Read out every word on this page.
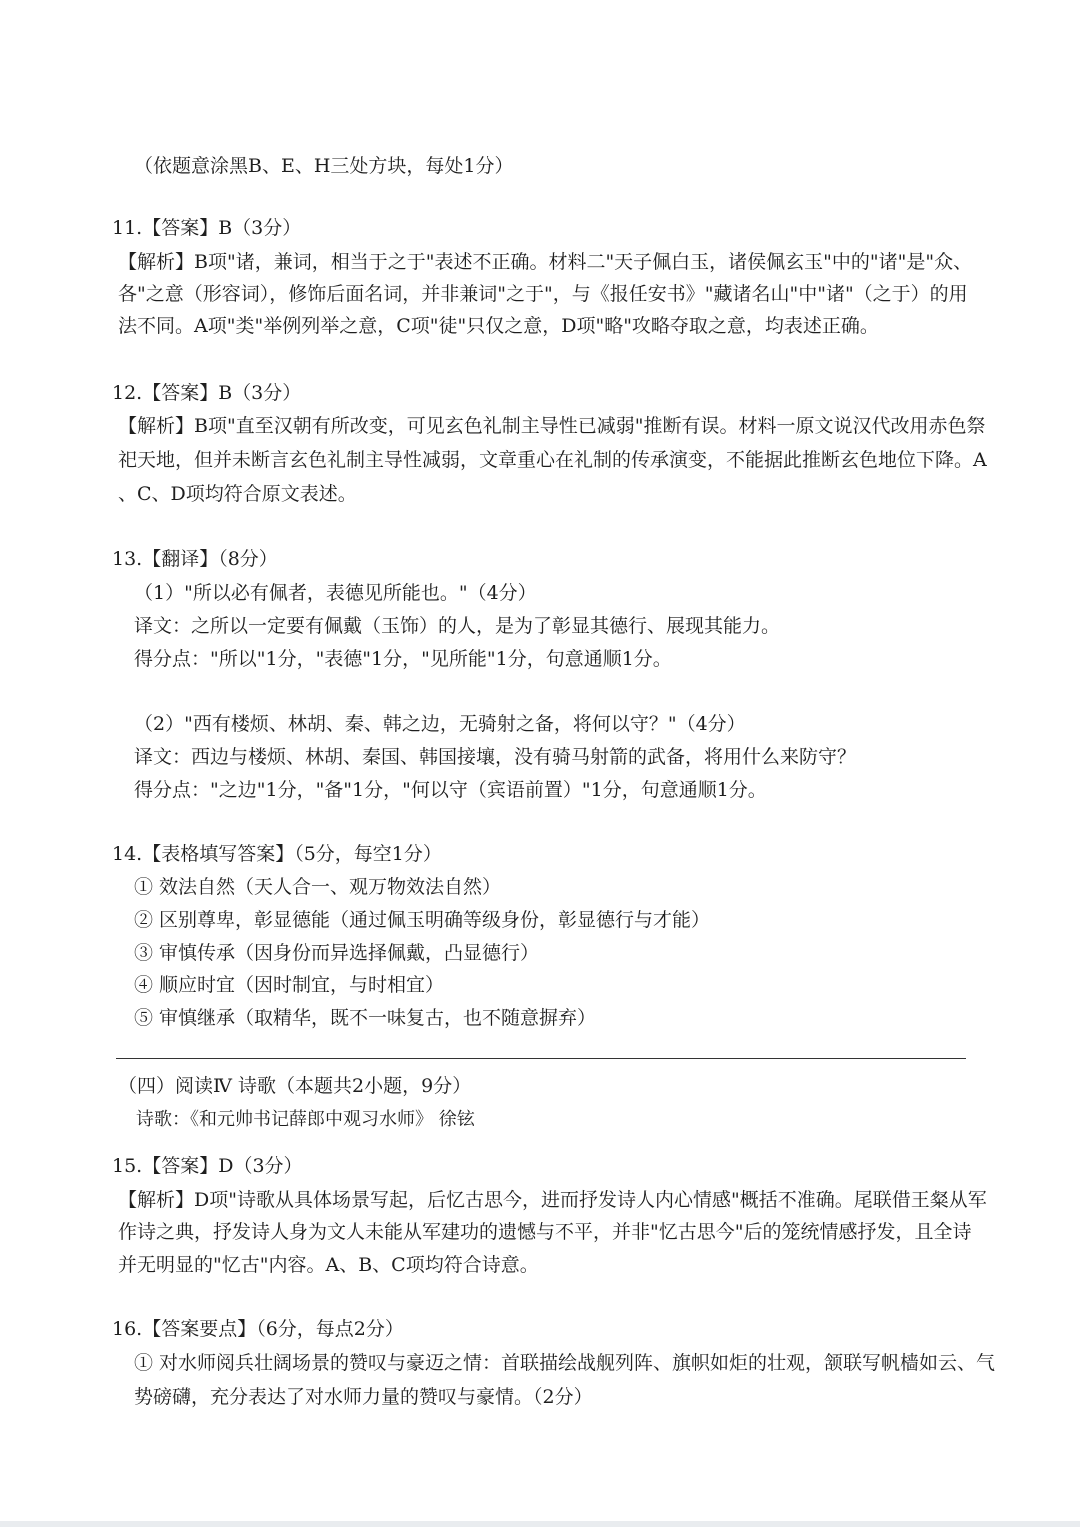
（依题意涂黑B、E、H三处方块，每处1分）
11.【答案】B（3分）
【解析】B项"诸，兼词，相当于之于"表述不正确。材料二"天子佩白玉，诸侯佩玄玉"中的"诸"是"众、
各"之意（形容词），修饰后面名词，并非兼词"之于"，与《报任安书》"藏诸名山"中"诸"（之于）的用
法不同。A项"类"举例列举之意，C项"徒"只仅之意，D项"略"攻略夺取之意，均表述正确。
12.【答案】B（3分）
【解析】B项"直至汉朝有所改变，可见玄色礼制主导性已减弱"推断有误。材料一原文说汉代改用赤色祭
祀天地，但并未断言玄色礼制主导性减弱，文章重心在礼制的传承演变，不能据此推断玄色地位下降。A
、C、D项均符合原文表述。
13.【翻译】（8分）
（1）"所以必有佩者，表德见所能也。"（4分）
译文：之所以一定要有佩戴（玉饰）的人，是为了彰显其德行、展现其能力。
得分点："所以"1分，"表德"1分，"见所能"1分，句意通顺1分。
（2）"西有楼烦、林胡、秦、韩之边，无骑射之备，将何以守？"（4分）
译文：西边与楼烦、林胡、秦国、韩国接壤，没有骑马射箭的武备，将用什么来防守？
得分点："之边"1分，"备"1分，"何以守（宾语前置）"1分，句意通顺1分。
14.【表格填写答案】（5分，每空1分）
① 效法自然（天人合一、观万物效法自然）
② 区别尊卑，彰显德能（通过佩玉明确等级身份，彰显德行与才能）
③ 审慎传承（因身份而异选择佩戴，凸显德行）
④ 顺应时宜（因时制宜，与时相宜）
⑤ 审慎继承（取精华，既不一味复古，也不随意摒弃）
（四）阅读Ⅳ 诗歌（本题共2小题，9分）
诗歌：《和元帅书记薛郎中观习水师》 徐铉
15.【答案】D（3分）
【解析】D项"诗歌从具体场景写起，后忆古思今，进而抒发诗人内心情感"概括不准确。尾联借王粲从军
作诗之典，抒发诗人身为文人未能从军建功的遗憾与不平，并非"忆古思今"后的笼统情感抒发，且全诗
并无明显的"忆古"内容。A、B、C项均符合诗意。
16.【答案要点】（6分，每点2分）
① 对水师阅兵壮阔场景的赞叹与豪迈之情：首联描绘战舰列阵、旗帜如炬的壮观，颔联写帆樯如云、气
势磅礴，充分表达了对水师力量的赞叹与豪情。（2分）
